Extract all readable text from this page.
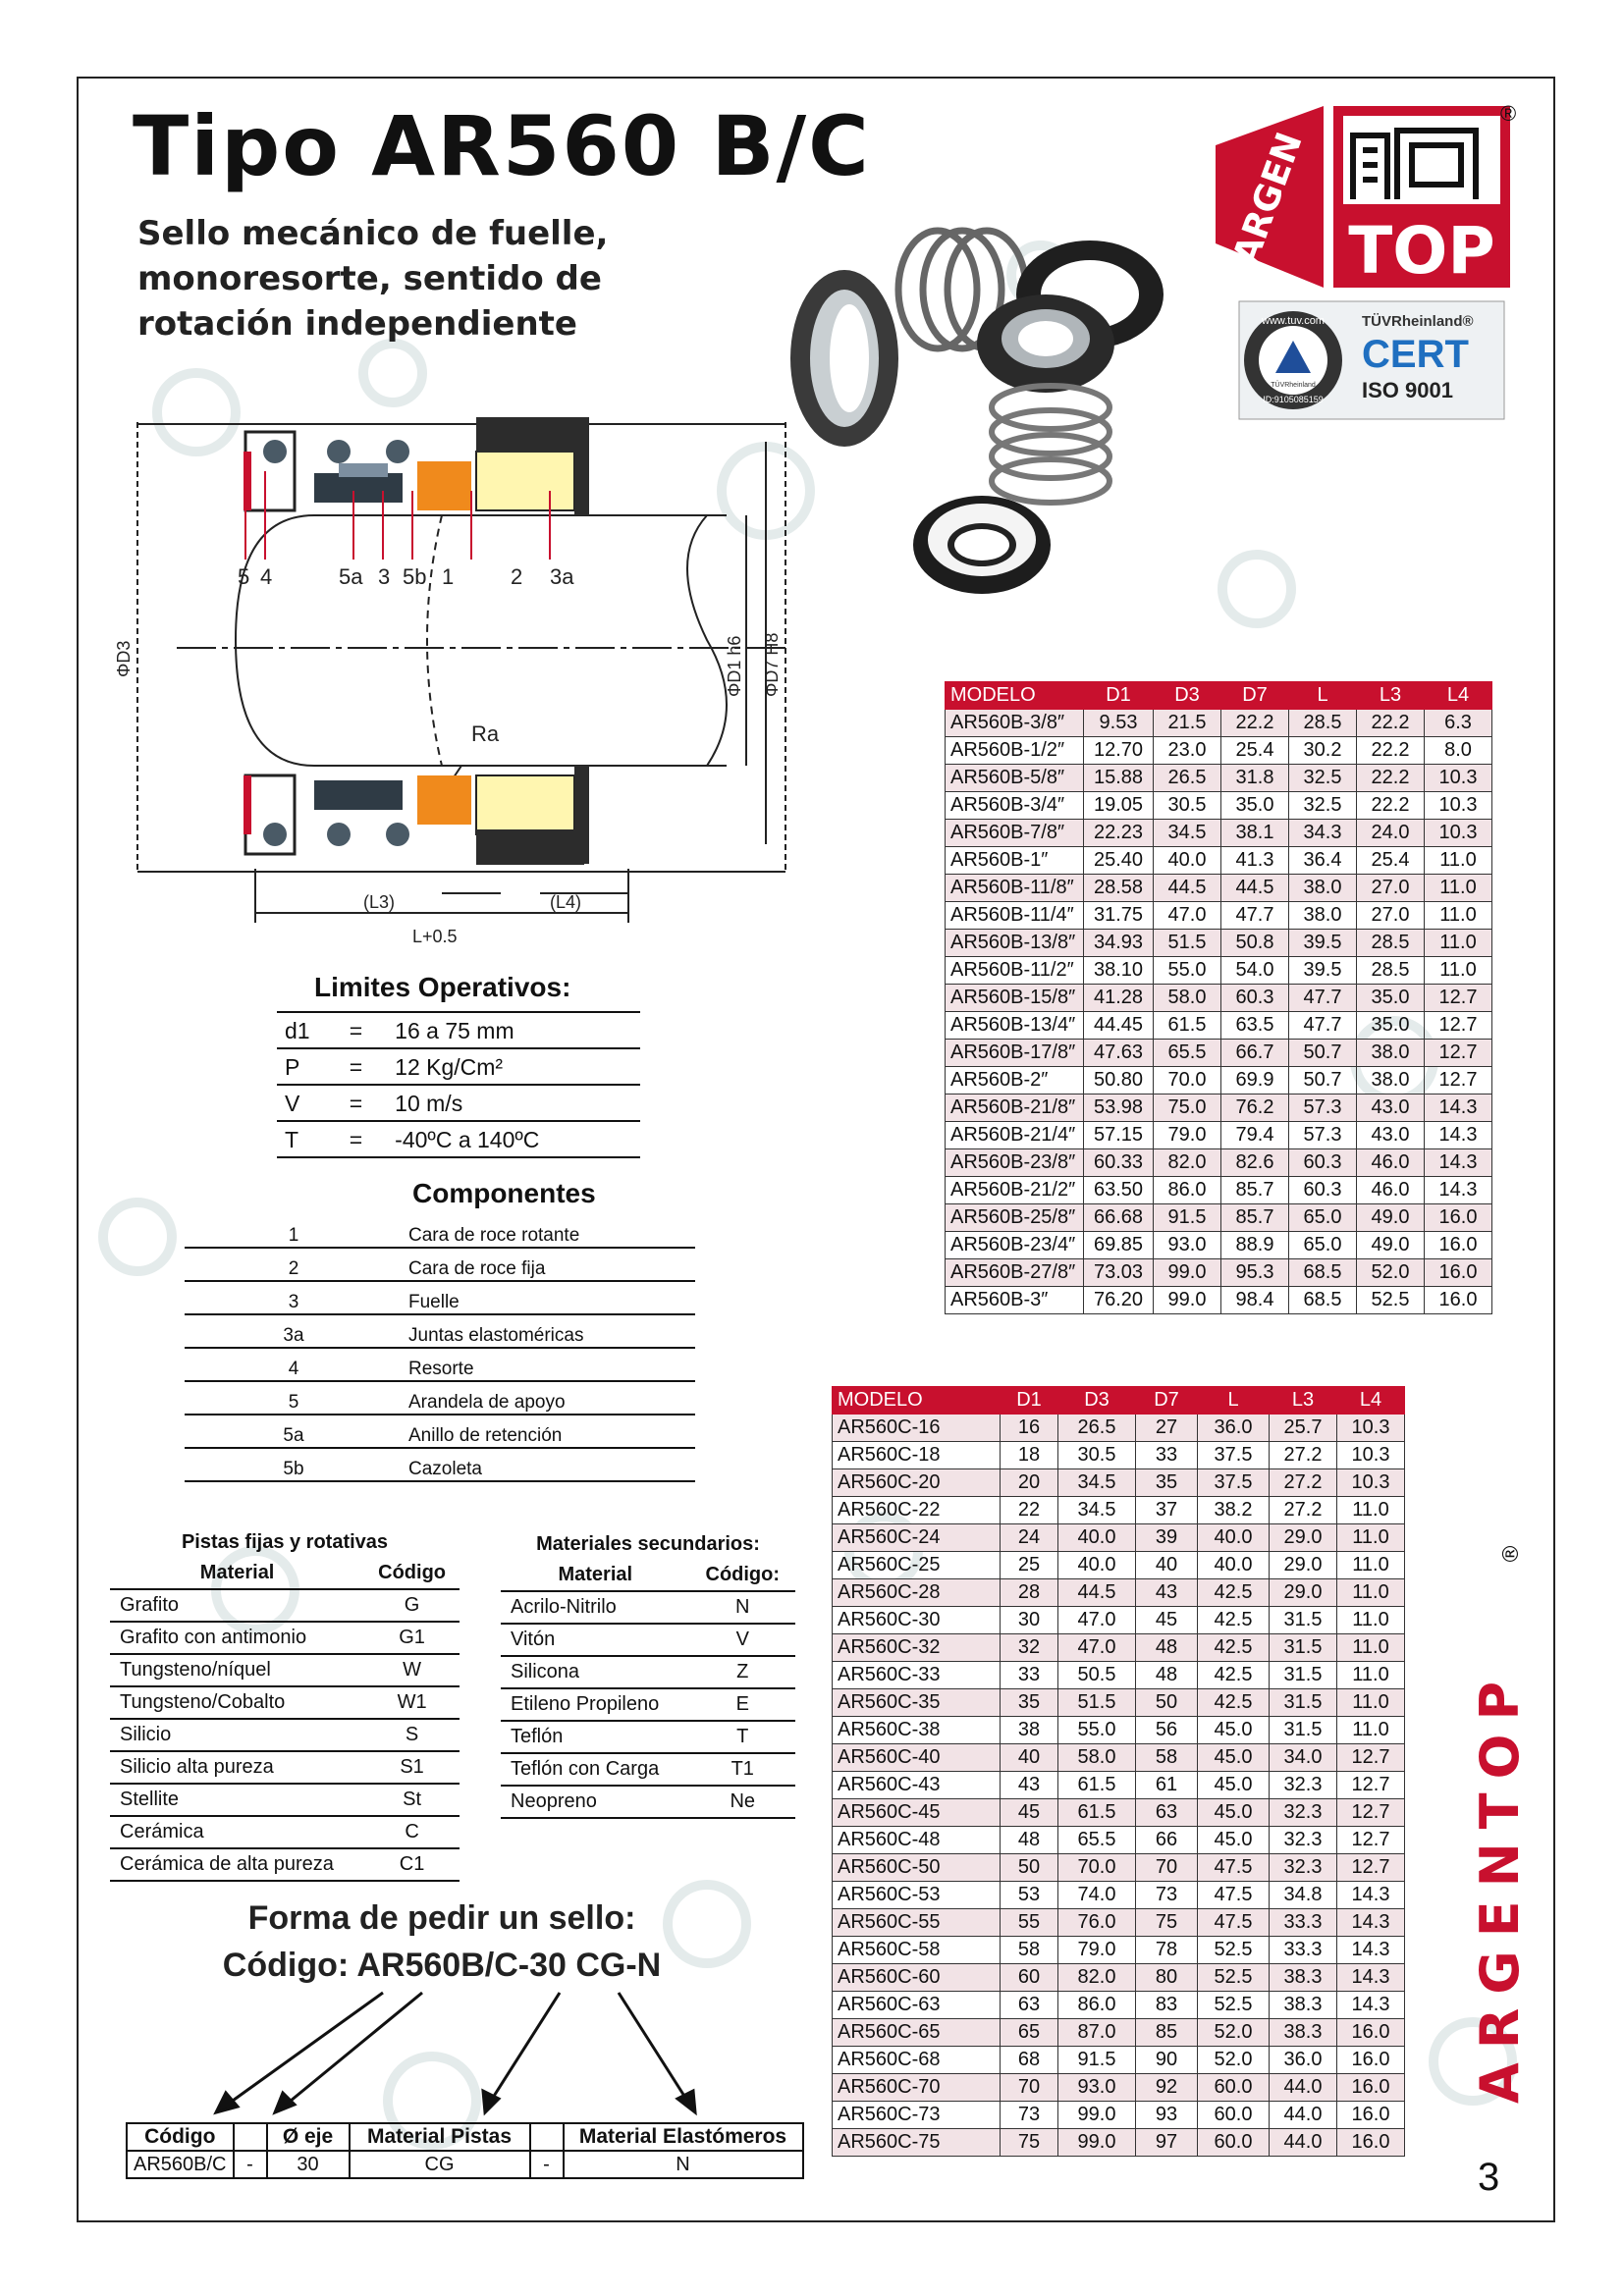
Tipo AR560 B/C
Sello mecánico de fuelle,
monoresorte, sentido de
rotación independiente
ARGEN TOP
®
www.tuv.com
TÜVRheinland
ID:9105085159
TÜVRheinland®
CERT
ISO 9001
5 4	5a 3 5b 1	2 3a
Ra
(L3)	(L4)
L+0.5
ΦD3	ΦD1 h6 ΦD7 H8
Limites Operativos:
d1	=	16 a 75 mm
P	=	12 Kg/Cm²
V	=	10 m/s
T	=	-40ºC a 140ºC
Componentes
1	Cara de roce rotante
2	Cara de roce fija
3	Fuelle
3a	Juntas elastoméricas
4	Resorte
5	Arandela de apoyo
5a	Anillo de retención
5b	Cazoleta
Pistas fijas y rotativas	
Material	Código
Grafito	G
Grafito con antimonio	G1
Tungsteno/níquel	W
Tungsteno/Cobalto	W1
Silicio	S
Silicio alta pureza	S1
Stellite	St
Cerámica	C
Cerámica de alta pureza	C1
Materiales secundarios:	
Material	Código:
Acrilo-Nitrilo	N
Vitón	V
Silicona	Z
Etileno Propileno	E
Teflón	T
Teflón con Carga	T1
Neopreno	Ne
Forma de pedir un sello:
Código: AR560B/C-30 CG-N
Código		Ø eje	Material Pistas		Material Elastómeros
AR560B/C	-	30	CG	-	N
MODELO	D1	D3	D7	L	L3	L4
AR560B-3/8″	9.53	21.5	22.2	28.5	22.2	6.3
AR560B-1/2″	12.70	23.0	25.4	30.2	22.2	8.0
AR560B-5/8″	15.88	26.5	31.8	32.5	22.2	10.3
AR560B-3/4″	19.05	30.5	35.0	32.5	22.2	10.3
AR560B-7/8″	22.23	34.5	38.1	34.3	24.0	10.3
AR560B-1″	25.40	40.0	41.3	36.4	25.4	11.0
AR560B-11/8″	28.58	44.5	44.5	38.0	27.0	11.0
AR560B-11/4″	31.75	47.0	47.7	38.0	27.0	11.0
AR560B-13/8″	34.93	51.5	50.8	39.5	28.5	11.0
AR560B-11/2″	38.10	55.0	54.0	39.5	28.5	11.0
AR560B-15/8″	41.28	58.0	60.3	47.7	35.0	12.7
AR560B-13/4″	44.45	61.5	63.5	47.7	35.0	12.7
AR560B-17/8″	47.63	65.5	66.7	50.7	38.0	12.7
AR560B-2″	50.80	70.0	69.9	50.7	38.0	12.7
AR560B-21/8″	53.98	75.0	76.2	57.3	43.0	14.3
AR560B-21/4″	57.15	79.0	79.4	57.3	43.0	14.3
AR560B-23/8″	60.33	82.0	82.6	60.3	46.0	14.3
AR560B-21/2″	63.50	86.0	85.7	60.3	46.0	14.3
AR560B-25/8″	66.68	91.5	85.7	65.0	49.0	16.0
AR560B-23/4″	69.85	93.0	88.9	65.0	49.0	16.0
AR560B-27/8″	73.03	99.0	95.3	68.5	52.0	16.0
AR560B-3″	76.20	99.0	98.4	68.5	52.5	16.0
MODELO	D1	D3	D7	L	L3	L4
AR560C-16	16	26.5	27	36.0	25.7	10.3
AR560C-18	18	30.5	33	37.5	27.2	10.3
AR560C-20	20	34.5	35	37.5	27.2	10.3
AR560C-22	22	34.5	37	38.2	27.2	11.0
AR560C-24	24	40.0	39	40.0	29.0	11.0
AR560C-25	25	40.0	40	40.0	29.0	11.0
AR560C-28	28	44.5	43	42.5	29.0	11.0
AR560C-30	30	47.0	45	42.5	31.5	11.0
AR560C-32	32	47.0	48	42.5	31.5	11.0
AR560C-33	33	50.5	48	42.5	31.5	11.0
AR560C-35	35	51.5	50	42.5	31.5	11.0
AR560C-38	38	55.0	56	45.0	31.5	11.0
AR560C-40	40	58.0	58	45.0	34.0	12.7
AR560C-43	43	61.5	61	45.0	32.3	12.7
AR560C-45	45	61.5	63	45.0	32.3	12.7
AR560C-48	48	65.5	66	45.0	32.3	12.7
AR560C-50	50	70.0	70	47.5	32.3	12.7
AR560C-53	53	74.0	73	47.5	34.8	14.3
AR560C-55	55	76.0	75	47.5	33.3	14.3
AR560C-58	58	79.0	78	52.5	33.3	14.3
AR560C-60	60	82.0	80	52.5	38.3	14.3
AR560C-63	63	86.0	83	52.5	38.3	14.3
AR560C-65	65	87.0	85	52.0	38.3	16.0
AR560C-68	68	91.5	90	52.0	36.0	16.0
AR560C-70	70	93.0	92	60.0	44.0	16.0
AR560C-73	73	99.0	93	60.0	44.0	16.0
AR560C-75	75	99.0	97	60.0	44.0	16.0
ARGENTOP
®
3
